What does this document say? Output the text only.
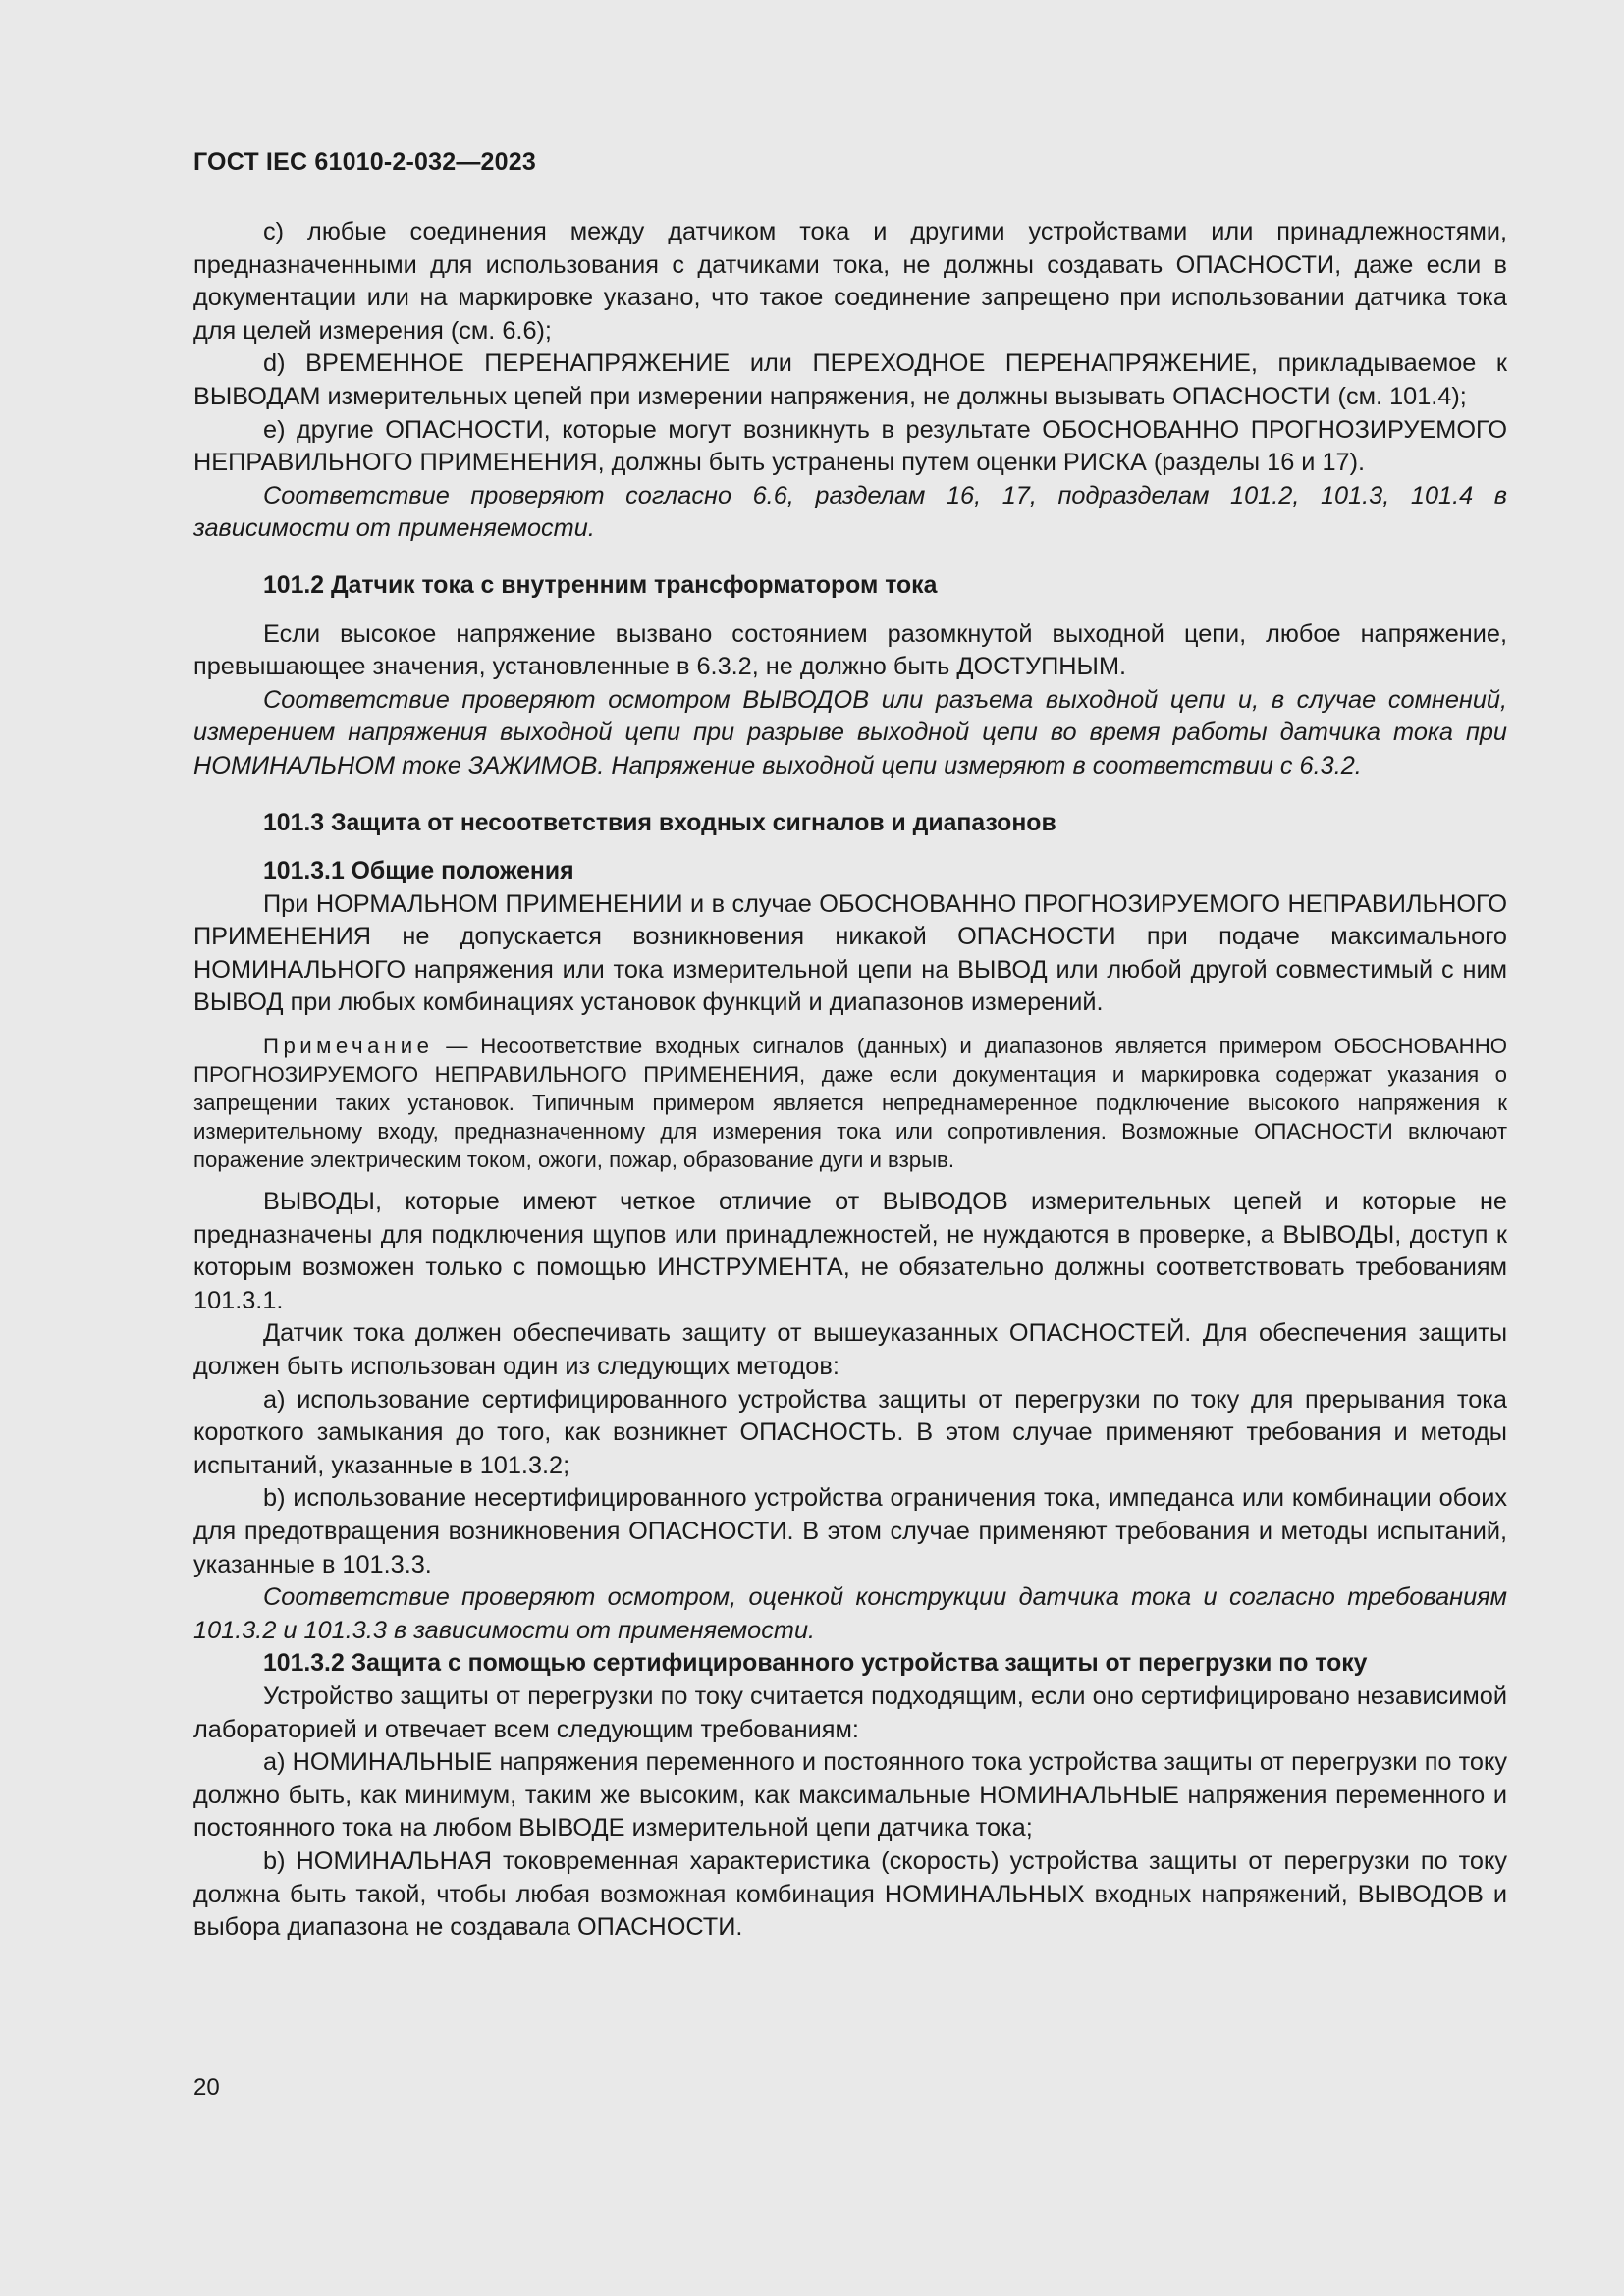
ГОСТ IEC 61010-2-032—2023

с) любые соединения между датчиком тока и другими устройствами или принадлежностями, предназначенными для использования с датчиками тока, не должны создавать ОПАСНОСТИ, даже если в документации или на маркировке указано, что такое соединение запрещено при использовании датчика тока для целей измерения (см. 6.6);

d) ВРЕМЕННОЕ ПЕРЕНАПРЯЖЕНИЕ или ПЕРЕХОДНОЕ ПЕРЕНАПРЯЖЕНИЕ, прикладываемое к ВЫВОДАМ измерительных цепей при измерении напряжения, не должны вызывать ОПАСНОСТИ (см. 101.4);

е) другие ОПАСНОСТИ, которые могут возникнуть в результате ОБОСНОВАННО ПРОГНОЗИРУЕМОГО НЕПРАВИЛЬНОГО ПРИМЕНЕНИЯ, должны быть устранены путем оценки РИСКА (разделы 16 и 17).

Соответствие проверяют согласно 6.6, разделам 16, 17, подразделам 101.2, 101.3, 101.4 в зависимости от применяемости.

101.2 Датчик тока с внутренним трансформатором тока

Если высокое напряжение вызвано состоянием разомкнутой выходной цепи, любое напряжение, превышающее значения, установленные в 6.3.2, не должно быть ДОСТУПНЫМ.

Соответствие проверяют осмотром ВЫВОДОВ или разъема выходной цепи и, в случае сомнений, измерением напряжения выходной цепи при разрыве выходной цепи во время работы датчика тока при НОМИНАЛЬНОМ токе ЗАЖИМОВ. Напряжение выходной цепи измеряют в соответствии с 6.3.2.

101.3 Защита от несоответствия входных сигналов и диапазонов
101.3.1 Общие положения

При НОРМАЛЬНОМ ПРИМЕНЕНИИ и в случае ОБОСНОВАННО ПРОГНОЗИРУЕМОГО НЕПРАВИЛЬНОГО ПРИМЕНЕНИЯ не допускается возникновения никакой ОПАСНОСТИ при подаче максимального НОМИНАЛЬНОГО напряжения или тока измерительной цепи на ВЫВОД или любой другой совместимый с ним ВЫВОД при любых комбинациях установок функций и диапазонов измерений.

Примечание — Несоответствие входных сигналов (данных) и диапазонов является примером ОБОСНОВАННО ПРОГНОЗИРУЕМОГО НЕПРАВИЛЬНОГО ПРИМЕНЕНИЯ, даже если документация и маркировка содержат указания о запрещении таких установок. Типичным примером является непреднамеренное подключение высокого напряжения к измерительному входу, предназначенному для измерения тока или сопротивления. Возможные ОПАСНОСТИ включают поражение электрическим током, ожоги, пожар, образование дуги и взрыв.

ВЫВОДЫ, которые имеют четкое отличие от ВЫВОДОВ измерительных цепей и которые не предназначены для подключения щупов или принадлежностей, не нуждаются в проверке, а ВЫВОДЫ, доступ к которым возможен только с помощью ИНСТРУМЕНТА, не обязательно должны соответствовать требованиям 101.3.1.

Датчик тока должен обеспечивать защиту от вышеуказанных ОПАСНОСТЕЙ. Для обеспечения защиты должен быть использован один из следующих методов:

а) использование сертифицированного устройства защиты от перегрузки по току для прерывания тока короткого замыкания до того, как возникнет ОПАСНОСТЬ. В этом случае применяют требования и методы испытаний, указанные в 101.3.2;

b) использование несертифицированного устройства ограничения тока, импеданса или комбинации обоих для предотвращения возникновения ОПАСНОСТИ. В этом случае применяют требования и методы испытаний, указанные в 101.3.3.

Соответствие проверяют осмотром, оценкой конструкции датчика тока и согласно требованиям 101.3.2 и 101.3.3 в зависимости от применяемости.

101.3.2 Защита с помощью сертифицированного устройства защиты от перегрузки по току

Устройство защиты от перегрузки по току считается подходящим, если оно сертифицировано независимой лабораторией и отвечает всем следующим требованиям:

а) НОМИНАЛЬНЫЕ напряжения переменного и постоянного тока устройства защиты от перегрузки по току должно быть, как минимум, таким же высоким, как максимальные НОМИНАЛЬНЫЕ напряжения переменного и постоянного тока на любом ВЫВОДЕ измерительной цепи датчика тока;

b) НОМИНАЛЬНАЯ токовременная характеристика (скорость) устройства защиты от перегрузки по току должна быть такой, чтобы любая возможная комбинация НОМИНАЛЬНЫХ входных напряжений, ВЫВОДОВ и выбора диапазона не создавала ОПАСНОСТИ.

20
